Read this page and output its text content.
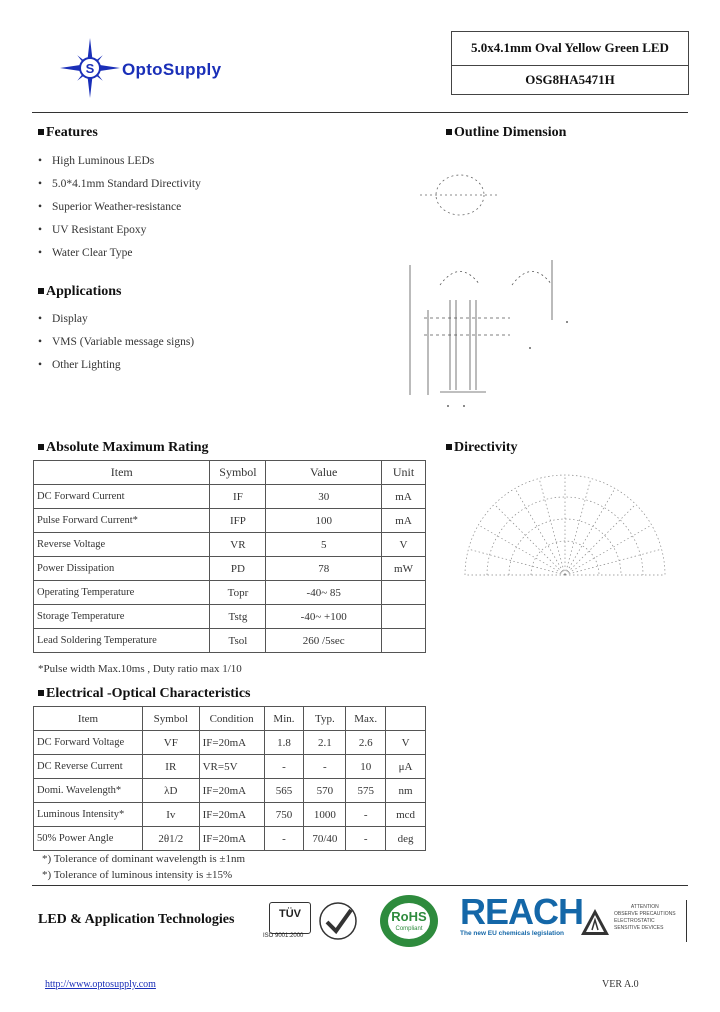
S OptoSupply
5.0x4.1mm Oval Yellow Green LED
OSG8HA5471H
Features
• High Luminous LEDs
• 5.0*4.1mm Standard Directivity
• Superior Weather-resistance
• UV Resistant Epoxy
• Water Clear Type
Applications
• Display
• VMS (Variable message signs)
• Other Lighting
Outline Dimension
Directivity
Absolute Maximum Rating
Item	Symbol	Value	Unit
DC Forward Current	IF	30	mA
Pulse Forward Current*	IFP	100	mA
Reverse Voltage	VR	5	V
Power Dissipation	PD	78	mW
Operating Temperature	Topr	-40~ 85	
Storage Temperature	Tstg	-40~ +100	
Lead Soldering Temperature	Tsol	260 /5sec	
*Pulse width Max.10ms , Duty ratio max 1/10
Electrical -Optical Characteristics
Item	Symbol	Condition	Min.	Typ.	Max.	
DC Forward Voltage	VF	IF=20mA	1.8	2.1	2.6	V
DC Reverse Current	IR	VR=5V	-	-	10	μA
Domi. Wavelength*	λD	IF=20mA	565	570	575	nm
Luminous Intensity*	Iv	IF=20mA	750	1000	-	mcd
50% Power Angle	2θ1/2	IF=20mA	-	70/40	-	deg
*) Tolerance of dominant wavelength is ±1nm
*) Tolerance of luminous intensity is ±15%
LED & Application Technologies	TÜV
ISO 9001:2000
RoHS
Compliant	REACH
The new EU chemicals legislation
ATTENTION
OBSERVE PRECAUTIONS
ELECTROSTATIC
SENSITIVE DEVICES
http://www.optosupply.com	VER A.0
